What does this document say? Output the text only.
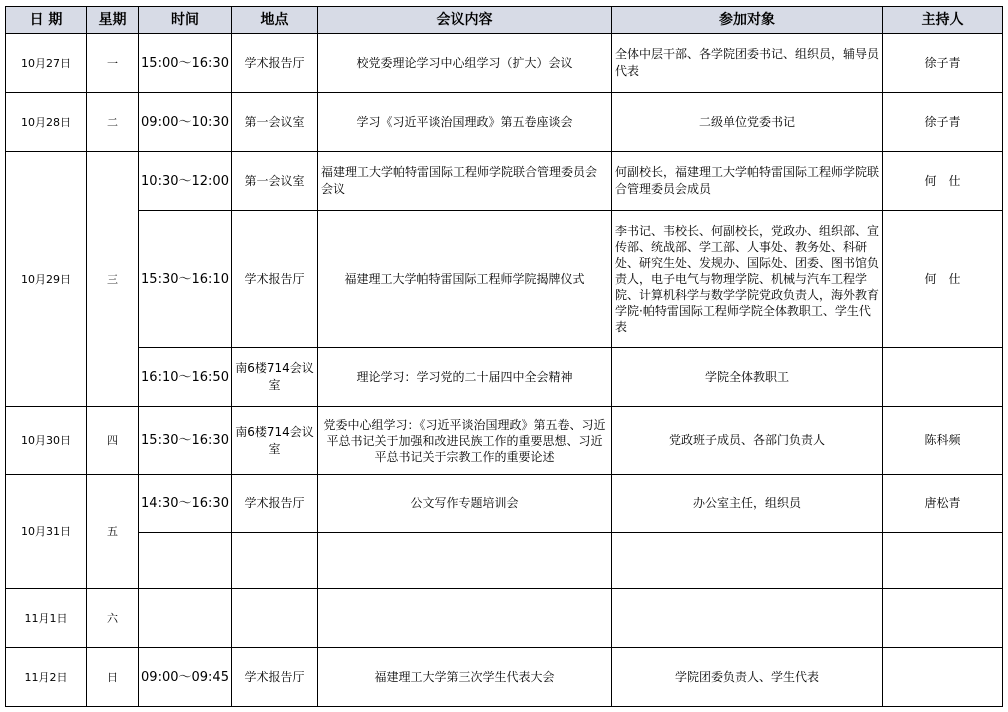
日 期	星期	时间	地点	会议内容	参加对象	主持人
10月27日	一	15:00～16:30	学术报告厅	校党委理论学习中心组学习（扩大）会议	全体中层干部、各学院团委书记、组织员，辅导员代表	徐子青
10月28日	二	09:00～10:30	第一会议室	学习《习近平谈治国理政》第五卷座谈会	二级单位党委书记	徐子青
10月29日	三	10:30～12:00	第一会议室	福建理工大学帕特雷国际工程师学院联合管理委员会会议	何副校长，福建理工大学帕特雷国际工程师学院联合管理委员会成员	何　仕
		15:30～16:10	学术报告厅	福建理工大学帕特雷国际工程师学院揭牌仪式	李书记、韦校长、何副校长，党政办、组织部、宣传部、统战部、学工部、人事处、教务处、科研处、研究生处、发规办、国际处、团委、图书馆负责人，电子电气与物理学院、机械与汽车工程学院、计算机科学与数学学院党政负责人，海外教育学院·帕特雷国际工程师学院全体教职工、学生代表	何　仕
		16:10～16:50	南6楼714会议室	理论学习：学习党的二十届四中全会精神	学院全体教职工	
10月30日	四	15:30～16:30	南6楼714会议室	党委中心组学习：《习近平谈治国理政》第五卷、习近平总书记关于加强和改进民族工作的重要思想、习近平总书记关于宗教工作的重要论述	党政班子成员、各部门负责人	陈科频
10月31日	五	14:30～16:30	学术报告厅	公文写作专题培训会	办公室主任，组织员	唐松青

11月1日	六					
11月2日	日	09:00～09:45	学术报告厅	福建理工大学第三次学生代表大会	学院团委负责人、学生代表	
